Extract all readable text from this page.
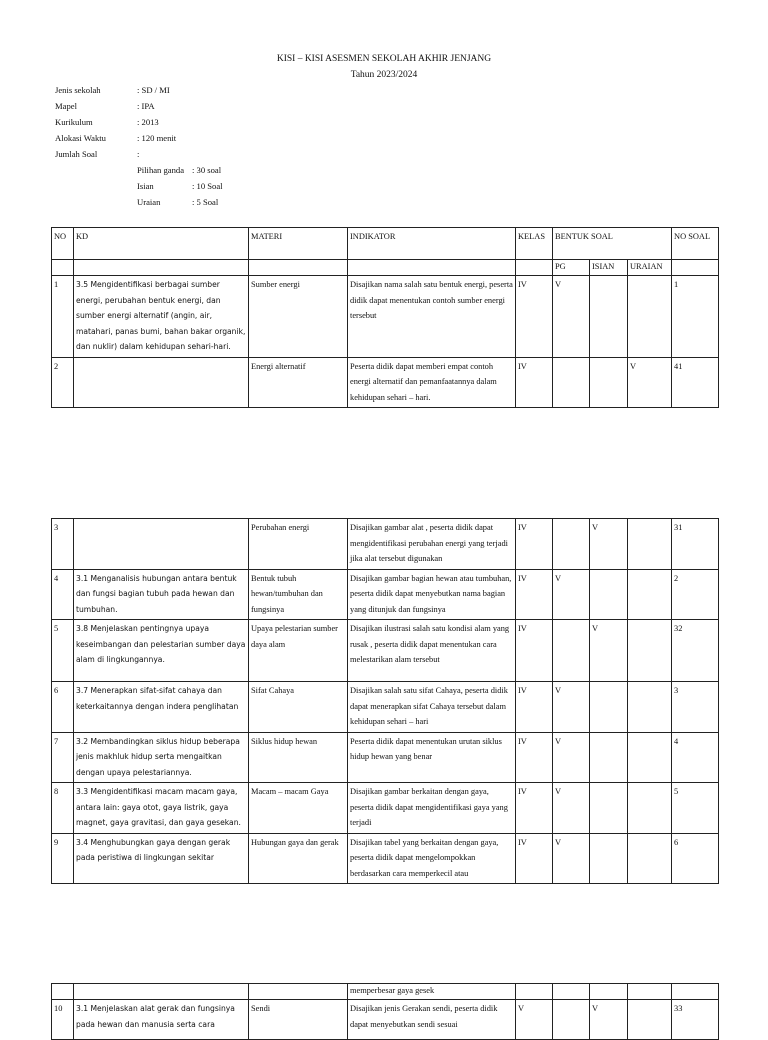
KISI – KISI ASESMEN SEKOLAH AKHIR JENJANG
Tahun 2023/2024
Jenis sekolah	: SD / MI
Mapel	: IPA
Kurikulum	: 2013
Alokasi Waktu	: 120 menit
Jumlah Soal	:
Pilihan ganda : 30 soal
Isian	: 10 Soal
Uraian	: 5 Soal
NO	KD	MATERI	INDIKATOR	KELAS	BENTUK SOAL			NO SOAL
					PG	ISIAN	URAIAN	
1	3.5 Mengidentifikasi berbagai sumber energi, perubahan bentuk energi, dan sumber energi alternatif (angin, air, matahari, panas bumi, bahan bakar organik, dan nuklir) dalam kehidupan sehari-hari.	Sumber energi	Disajikan nama salah satu bentuk energi, peserta didik dapat menentukan contoh sumber energi tersebut	IV	V			1
2		Energi alternatif	Peserta didik dapat memberi empat contoh energi alternatif dan pemanfaatannya dalam kehidupan sehari – hari.	IV			V	41
3		Perubahan energi	Disajikan gambar alat , peserta didik dapat mengidentifikasi perubahan energi yang terjadi jika alat tersebut digunakan	IV		V		31
4	3.1 Menganalisis hubungan antara bentuk dan fungsi bagian tubuh pada hewan dan tumbuhan.	Bentuk tubuh hewan/tumbuhan dan fungsinya	Disajikan gambar bagian hewan atau tumbuhan, peserta didik dapat menyebutkan nama bagian yang ditunjuk dan fungsinya	IV	V			2
5	3.8 Menjelaskan pentingnya upaya keseimbangan dan pelestarian sumber daya alam di lingkungannya.	Upaya pelestarian sumber daya alam	Disajikan ilustrasi salah satu kondisi alam yang rusak , peserta didik dapat menentukan cara melestarikan alam tersebut	IV		V		32
6	3.7 Menerapkan sifat-sifat cahaya dan keterkaitannya dengan indera penglihatan	Sifat Cahaya	Disajikan salah satu sifat Cahaya, peserta didik dapat menerapkan sifat Cahaya tersebut dalam kehidupan sehari – hari	IV	V			3
7	3.2 Membandingkan siklus hidup beberapa jenis makhluk hidup serta mengaitkan dengan upaya pelestariannya.	Siklus hidup hewan	Peserta didik dapat menentukan urutan siklus hidup hewan yang benar	IV	V			4
8	3.3 Mengidentifikasi macam macam gaya, antara lain: gaya otot, gaya listrik, gaya magnet, gaya gravitasi, dan gaya gesekan.	Macam – macam Gaya	Disajikan gambar berkaitan dengan gaya, peserta didik dapat mengidentifikasi gaya yang terjadi	IV	V			5
9	3.4 Menghubungkan gaya dengan gerak pada peristiwa di lingkungan sekitar	Hubungan gaya dan gerak	Disajikan tabel yang berkaitan dengan gaya, peserta didik dapat mengelompokkan berdasarkan cara memperkecil atau	IV	V			6
			memperbesar gaya gesek					
10	3.1 Menjelaskan alat gerak dan fungsinya pada hewan dan manusia serta cara	Sendi	Disajikan jenis Gerakan sendi, peserta didik dapat menyebutkan sendi sesuai	V		V		33
